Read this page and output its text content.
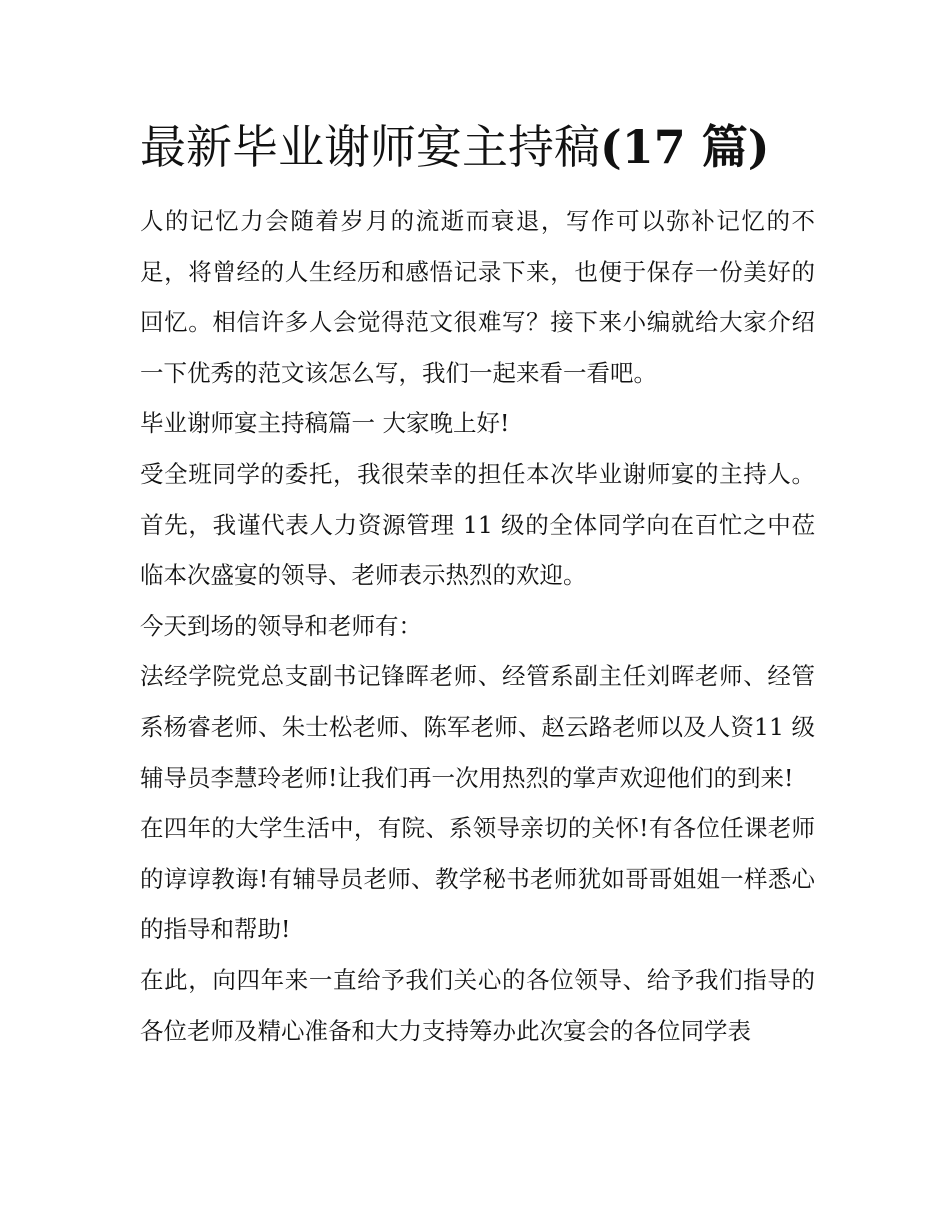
最新毕业谢师宴主持稿(17 篇)

人的记忆力会随着岁月的流逝而衰退，写作可以弥补记忆的不足，将曾经的人生经历和感悟记录下来，也便于保存一份美好的回忆。相信许多人会觉得范文很难写？接下来小编就给大家介绍一下优秀的范文该怎么写，我们一起来看一看吧。

毕业谢师宴主持稿篇一 大家晚上好!

受全班同学的委托，我很荣幸的担任本次毕业谢师宴的主持人。首先，我谨代表人力资源管理 11 级的全体同学向在百忙之中莅临本次盛宴的领导、老师表示热烈的欢迎。

今天到场的领导和老师有：

法经学院党总支副书记锋晖老师、经管系副主任刘晖老师、经管系杨睿老师、朱士松老师、陈军老师、赵云路老师以及人资11 级辅导员李慧玲老师!让我们再一次用热烈的掌声欢迎他们的到来!

在四年的大学生活中，有院、系领导亲切的关怀!有各位任课老师的谆谆教诲!有辅导员老师、教学秘书老师犹如哥哥姐姐一样悉心的指导和帮助!

在此，向四年来一直给予我们关心的各位领导、给予我们指导的各位老师及精心准备和大力支持筹办此次宴会的各位同学表
